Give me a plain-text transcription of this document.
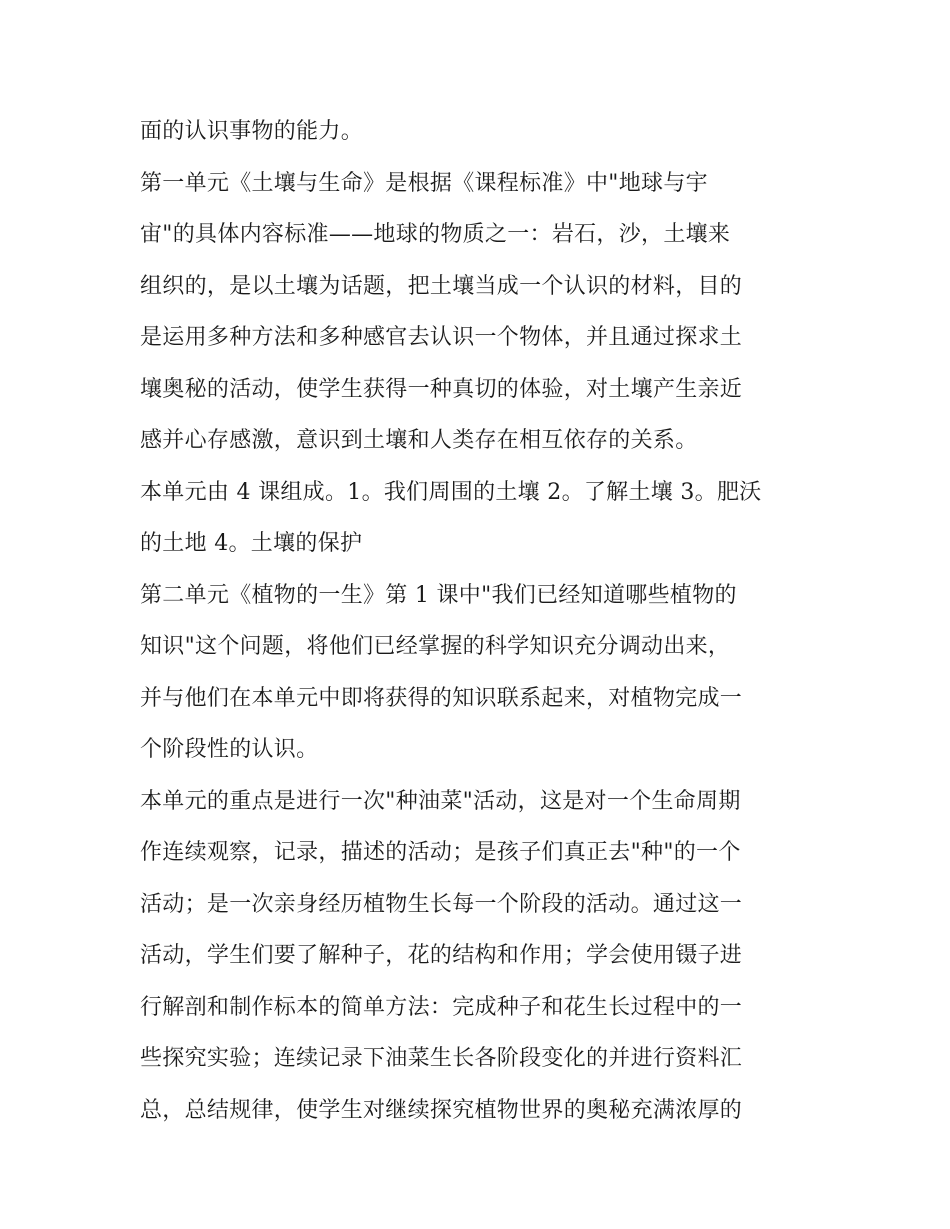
面的认识事物的能力。
第一单元《土壤与生命》是根据《课程标准》中"地球与宇
宙"的具体内容标准——地球的物质之一：岩石，沙，土壤来
组织的，是以土壤为话题，把土壤当成一个认识的材料，目的
是运用多种方法和多种感官去认识一个物体，并且通过探求土
壤奥秘的活动，使学生获得一种真切的体验，对土壤产生亲近
感并心存感激，意识到土壤和人类存在相互依存的关系。
本单元由 4 课组成。1。我们周围的土壤 2。了解土壤 3。肥沃
的土地 4。土壤的保护
第二单元《植物的一生》第 1 课中"我们已经知道哪些植物的
知识"这个问题，将他们已经掌握的科学知识充分调动出来，
并与他们在本单元中即将获得的知识联系起来，对植物完成一
个阶段性的认识。
本单元的重点是进行一次"种油菜"活动，这是对一个生命周期
作连续观察，记录，描述的活动；是孩子们真正去"种"的一个
活动；是一次亲身经历植物生长每一个阶段的活动。通过这一
活动，学生们要了解种子，花的结构和作用；学会使用镊子进
行解剖和制作标本的简单方法：完成种子和花生长过程中的一
些探究实验；连续记录下油菜生长各阶段变化的并进行资料汇
总，总结规律，使学生对继续探究植物世界的奥秘充满浓厚的
